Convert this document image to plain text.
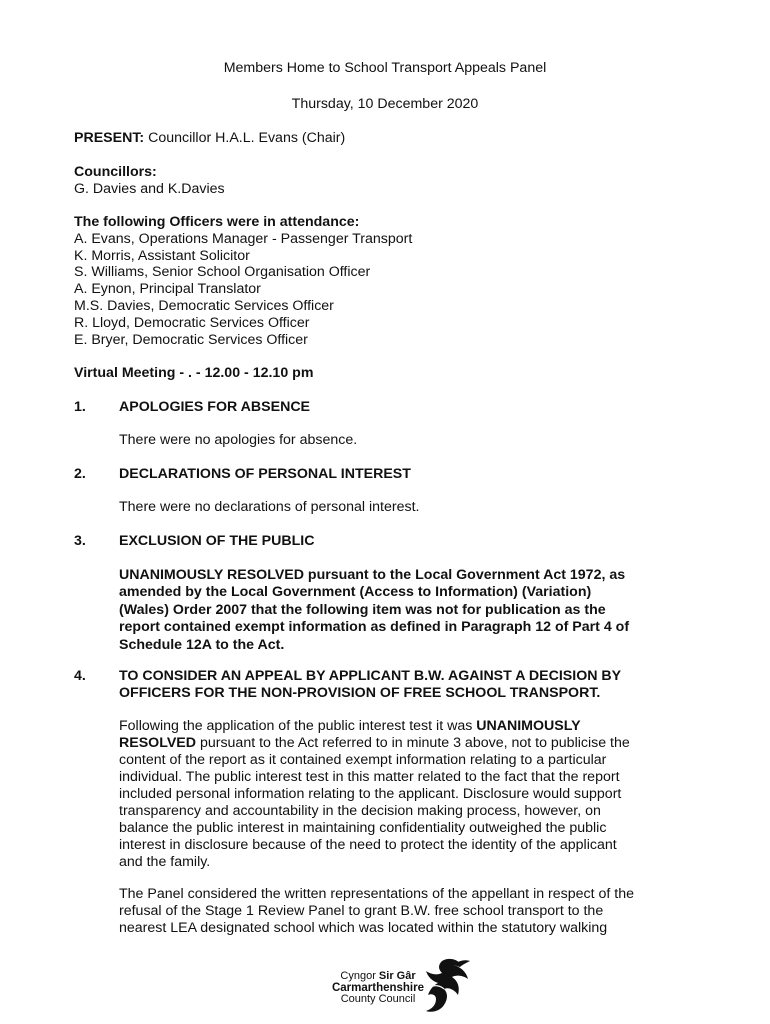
Members Home to School Transport Appeals Panel
Thursday, 10 December 2020
PRESENT: Councillor H.A.L. Evans (Chair)
Councillors:
G. Davies and K.Davies
The following Officers were in attendance:
A. Evans, Operations Manager - Passenger Transport
K. Morris, Assistant Solicitor
S. Williams, Senior School Organisation Officer
A. Eynon, Principal Translator
M.S. Davies, Democratic Services Officer
R. Lloyd, Democratic Services Officer
E. Bryer, Democratic Services Officer
Virtual Meeting - . - 12.00 - 12.10 pm
1. APOLOGIES FOR ABSENCE
There were no apologies for absence.
2. DECLARATIONS OF PERSONAL INTEREST
There were no declarations of personal interest.
3. EXCLUSION OF THE PUBLIC
UNANIMOUSLY RESOLVED pursuant to the Local Government Act 1972, as
amended by the Local Government (Access to Information) (Variation)
(Wales) Order 2007 that the following item was not for publication as the
report contained exempt information as defined in Paragraph 12 of Part 4 of
Schedule 12A to the Act.
4. TO CONSIDER AN APPEAL BY APPLICANT B.W. AGAINST A DECISION BY
OFFICERS FOR THE NON-PROVISION OF FREE SCHOOL TRANSPORT.
Following the application of the public interest test it was UNANIMOUSLY
RESOLVED pursuant to the Act referred to in minute 3 above, not to publicise the
content of the report as it contained exempt information relating to a particular
individual. The public interest test in this matter related to the fact that the report
included personal information relating to the applicant. Disclosure would support
transparency and accountability in the decision making process, however, on
balance the public interest in maintaining confidentiality outweighed the public
interest in disclosure because of the need to protect the identity of the applicant
and the family.
The Panel considered the written representations of the appellant in respect of the
refusal of the Stage 1 Review Panel to grant B.W. free school transport to the
nearest LEA designated school which was located within the statutory walking
Cyngor Sir Gâr
Carmarthenshire
County Council
